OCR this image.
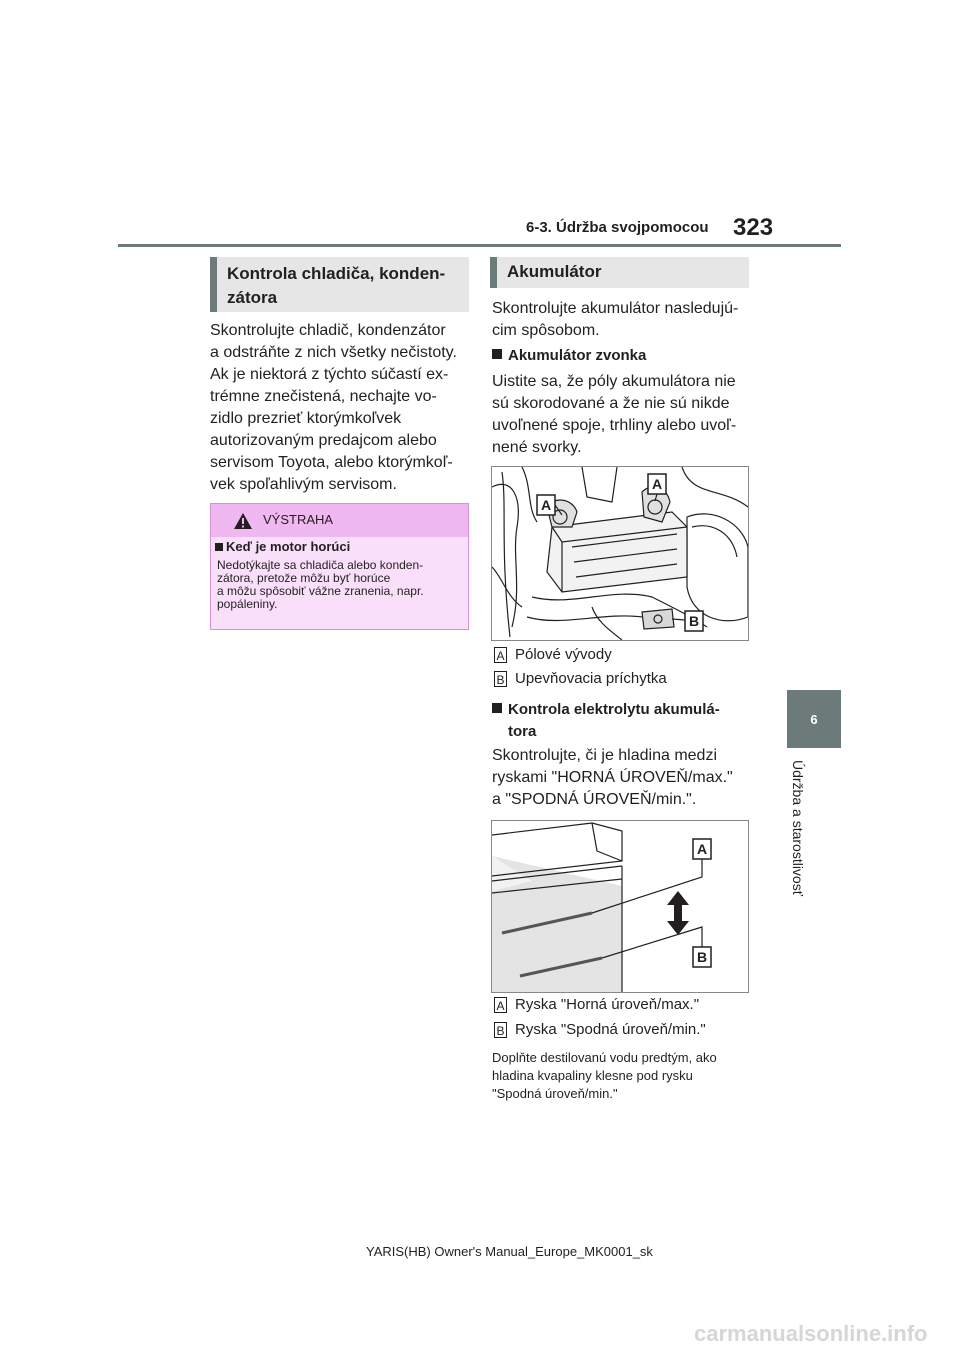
6-3. Údržba svojpomocou 323
6
Údržba a starostlivosť
Kontrola chladiča, konden-
zátora
Skontrolujte chladič, kondenzátor
a odstráňte z nich všetky nečistoty.
Ak je niektorá z týchto súčastí ex-
trémne znečistená, nechajte vo-
zidlo prezrieť ktorýmkoľvek
autorizovaným predajcom alebo
servisom Toyota, alebo ktorýmkoľ-
vek spoľahlivým servisom.
VÝSTRAHA
Keď je motor horúci
Nedotýkajte sa chladiča alebo konden-
zátora, pretože môžu byť horúce
a môžu spôsobiť vážne zranenia, napr.
popáleniny.
Akumulátor
Skontrolujte akumulátor nasledujú-
cim spôsobom.
Akumulátor zvonka
Uistite sa, že póly akumulátora nie
sú skorodované a že nie sú nikde
uvoľnené spoje, trhliny alebo uvoľ-
nené svorky.
A
A
B
A Pólové vývody
B Upevňovacia príchytka
Kontrola elektrolytu akumulá-
tora
Skontrolujte, či je hladina medzi
ryskami "HORNÁ ÚROVEŇ/max."
a "SPODNÁ ÚROVEŇ/min.".
A
B
A Ryska "Horná úroveň/max."
B Ryska "Spodná úroveň/min."
Doplňte destilovanú vodu predtým, ako
hladina kvapaliny klesne pod rysku
"Spodná úroveň/min."
YARIS(HB) Owner's Manual_Europe_MK0001_sk
carmanualsonline.info
